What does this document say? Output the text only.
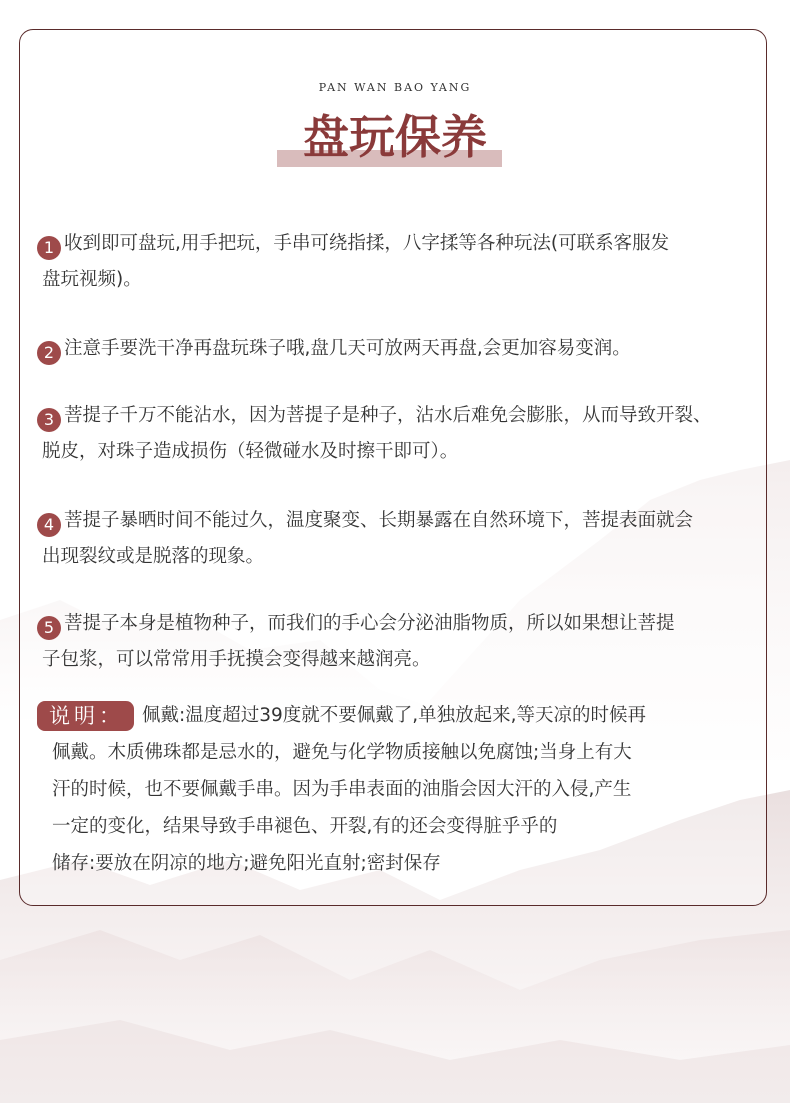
PAN WAN BAO YANG
盘玩保养
1 收到即可盘玩,用手把玩，手串可绕指揉，八字揉等各种玩法(可联系客服发
盘玩视频)。
2 注意手要洗干净再盘玩珠子哦,盘几天可放两天再盘,会更加容易变润。
3 菩提子千万不能沾水，因为菩提子是种子，沾水后难免会膨胀，从而导致开裂、
脱皮，对珠子造成损伤（轻微碰水及时擦干即可）。
4 菩提子暴晒时间不能过久，温度聚变、长期暴露在自然环境下，菩提表面就会
出现裂纹或是脱落的现象。
5 菩提子本身是植物种子，而我们的手心会分泌油脂物质，所以如果想让菩提
子包浆，可以常常用手抚摸会变得越来越润亮。
说明： 佩戴:温度超过39度就不要佩戴了,单独放起来,等天凉的时候再
佩戴。木质佛珠都是忌水的，避免与化学物质接触以免腐蚀;当身上有大
汗的时候，也不要佩戴手串。因为手串表面的油脂会因大汗的入侵,产生
一定的变化，结果导致手串褪色、开裂,有的还会变得脏乎乎的
储存:要放在阴凉的地方;避免阳光直射;密封保存
